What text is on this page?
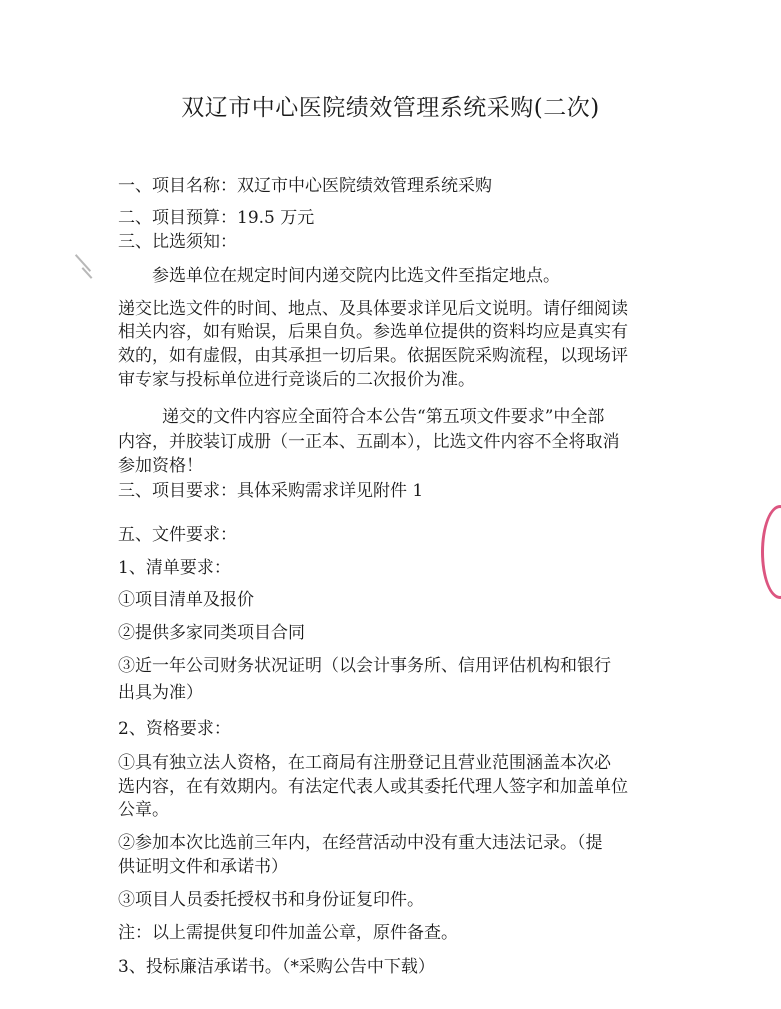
双辽市中心医院绩效管理系统采购(二次)
一、项目名称：双辽市中心医院绩效管理系统采购
二、项目预算：19.5 万元
三、比选须知：
参选单位在规定时间内递交院内比选文件至指定地点。
递交比选文件的时间、地点、及具体要求详见后文说明。请仔细阅读
相关内容，如有贻误，后果自负。参选单位提供的资料均应是真实有
效的，如有虚假，由其承担一切后果。依据医院采购流程，以现场评
审专家与投标单位进行竞谈后的二次报价为准。
递交的文件内容应全面符合本公告“第五项文件要求”中全部
内容，并胶装订成册（一正本、五副本），比选文件内容不全将取消
参加资格！
三、项目要求：具体采购需求详见附件 1
五、文件要求：
1、清单要求：
①项目清单及报价
②提供多家同类项目合同
③近一年公司财务状况证明（以会计事务所、信用评估机构和银行
出具为准）
2、资格要求：
①具有独立法人资格，在工商局有注册登记且营业范围涵盖本次必
选内容，在有效期内。有法定代表人或其委托代理人签字和加盖单位
公章。
②参加本次比选前三年内，在经营活动中没有重大违法记录。（提
供证明文件和承诺书）
③项目人员委托授权书和身份证复印件。
注：以上需提供复印件加盖公章，原件备查。
3、投标廉洁承诺书。（*采购公告中下载）
